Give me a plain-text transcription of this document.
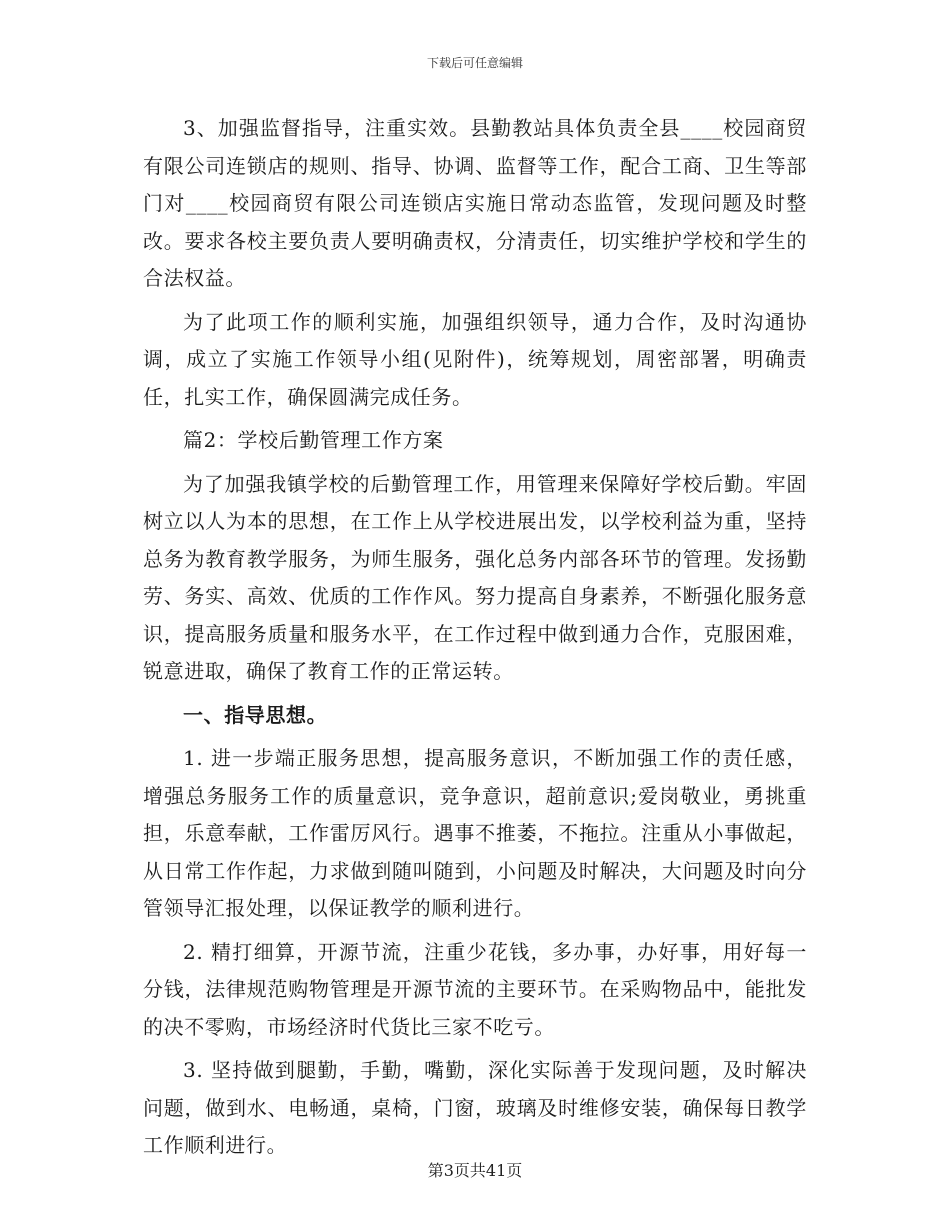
下载后可任意编辑

3、加强监督指导，注重实效。县勤教站具体负责全县____校园商贸有限公司连锁店的规则、指导、协调、监督等工作，配合工商、卫生等部门对____校园商贸有限公司连锁店实施日常动态监管，发现问题及时整改。要求各校主要负责人要明确责权，分清责任，切实维护学校和学生的合法权益。

为了此项工作的顺利实施，加强组织领导，通力合作，及时沟通协调，成立了实施工作领导小组(见附件)，统筹规划，周密部署，明确责任，扎实工作，确保圆满完成任务。

篇2：学校后勤管理工作方案

为了加强我镇学校的后勤管理工作，用管理来保障好学校后勤。牢固树立以人为本的思想，在工作上从学校进展出发，以学校利益为重，坚持总务为教育教学服务，为师生服务，强化总务内部各环节的管理。发扬勤劳、务实、高效、优质的工作作风。努力提高自身素养，不断强化服务意识，提高服务质量和服务水平，在工作过程中做到通力合作，克服困难，锐意进取，确保了教育工作的正常运转。

一、指导思想。

1. 进一步端正服务思想，提高服务意识，不断加强工作的责任感，增强总务服务工作的质量意识，竞争意识，超前意识;爱岗敬业，勇挑重担，乐意奉献，工作雷厉风行。遇事不推萎，不拖拉。注重从小事做起，从日常工作作起，力求做到随叫随到，小问题及时解决，大问题及时向分管领导汇报处理，以保证教学的顺利进行。

2. 精打细算，开源节流，注重少花钱，多办事，办好事，用好每一分钱，法律规范购物管理是开源节流的主要环节。在采购物品中，能批发的决不零购，市场经济时代货比三家不吃亏。

3. 坚持做到腿勤，手勤，嘴勤，深化实际善于发现问题，及时解决问题，做到水、电畅通，桌椅，门窗，玻璃及时维修安装，确保每日教学工作顺利进行。

第3页共41页
